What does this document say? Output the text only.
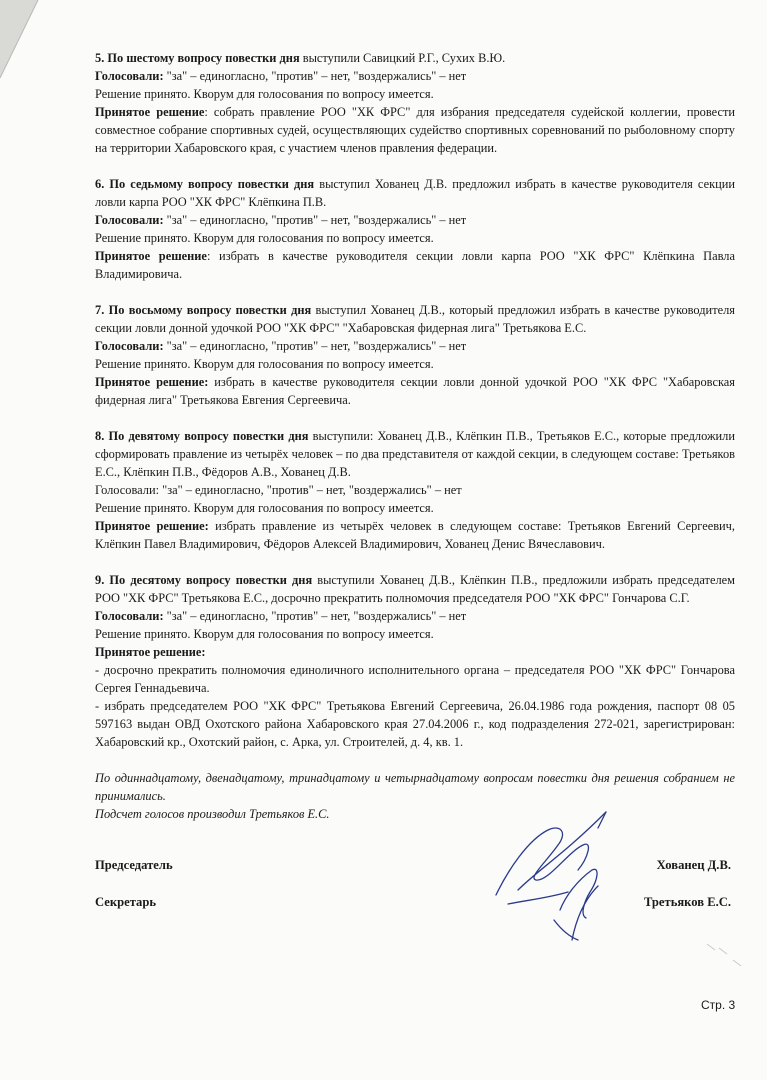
5. По шестому вопросу повестки дня выступили Савицкий Р.Г., Сухих В.Ю.

Голосовали: "за" – единогласно, "против" – нет, "воздержались" – нет

Решение принято. Кворум для голосования по вопросу имеется.

Принятое решение: собрать правление РОО "ХК ФРС" для избрания председателя судейской коллегии, провести совместное собрание спортивных судей, осуществляющих судейство спортивных соревнований по рыболовному спорту на территории Хабаровского края, с участием членов правления федерации.

6. По седьмому вопросу повестки дня выступил Хованец Д.В. предложил избрать в качестве руководителя секции ловли карпа РОО "ХК ФРС" Клёпкина П.В.

Голосовали: "за" – единогласно, "против" – нет, "воздержались" – нет

Решение принято. Кворум для голосования по вопросу имеется.

Принятое решение: избрать в качестве руководителя секции ловли карпа РОО "ХК ФРС" Клёпкина Павла Владимировича.

7. По восьмому вопросу повестки дня выступил Хованец Д.В., который предложил избрать в качестве руководителя секции ловли донной удочкой РОО "ХК ФРС" "Хабаровская фидерная лига" Третьякова Е.С.

Голосовали: "за" – единогласно, "против" – нет, "воздержались" – нет

Решение принято. Кворум для голосования по вопросу имеется.

Принятое решение: избрать в качестве руководителя секции ловли донной удочкой РОО "ХК ФРС "Хабаровская фидерная лига" Третьякова Евгения Сергеевича.

8. По девятому вопросу повестки дня выступили: Хованец Д.В., Клёпкин П.В., Третьяков Е.С., которые предложили сформировать правление из четырёх человек – по два представителя от каждой секции, в следующем составе: Третьяков Е.С., Клёпкин П.В., Фёдоров А.В., Хованец Д.В.

Голосовали: "за" – единогласно, "против" – нет, "воздержались" – нет

Решение принято. Кворум для голосования по вопросу имеется.

Принятое решение: избрать правление из четырёх человек в следующем составе: Третьяков Евгений Сергеевич, Клёпкин Павел Владимирович, Фёдоров Алексей Владимирович, Хованец Денис Вячеславович.

9. По десятому вопросу повестки дня выступили Хованец Д.В., Клёпкин П.В., предложили избрать председателем РОО "ХК ФРС" Третьякова Е.С., досрочно прекратить полномочия председателя РОО "ХК ФРС" Гончарова С.Г.

Голосовали: "за" – единогласно, "против" – нет, "воздержались" – нет

Решение принято. Кворум для голосования по вопросу имеется.

Принятое решение:

- досрочно прекратить полномочия единоличного исполнительного органа – председателя РОО "ХК ФРС" Гончарова Сергея Геннадьевича.

- избрать председателем РОО "ХК ФРС" Третьякова Евгений Сергеевича, 26.04.1986 года рождения, паспорт 08 05 597163 выдан ОВД Охотского района Хабаровского края 27.04.2006 г., код подразделения 272-021, зарегистрирован: Хабаровский кр., Охотский район, с. Арка, ул. Строителей, д. 4, кв. 1.

По одиннадцатому, двенадцатому, тринадцатому и четырнадцатому вопросам повестки дня решения собранием не принимались.

Подсчет голосов производил Третьяков Е.С.

Председатель	Хованец Д.В.
Секретарь	Третьяков Е.С.
Стр. 3
